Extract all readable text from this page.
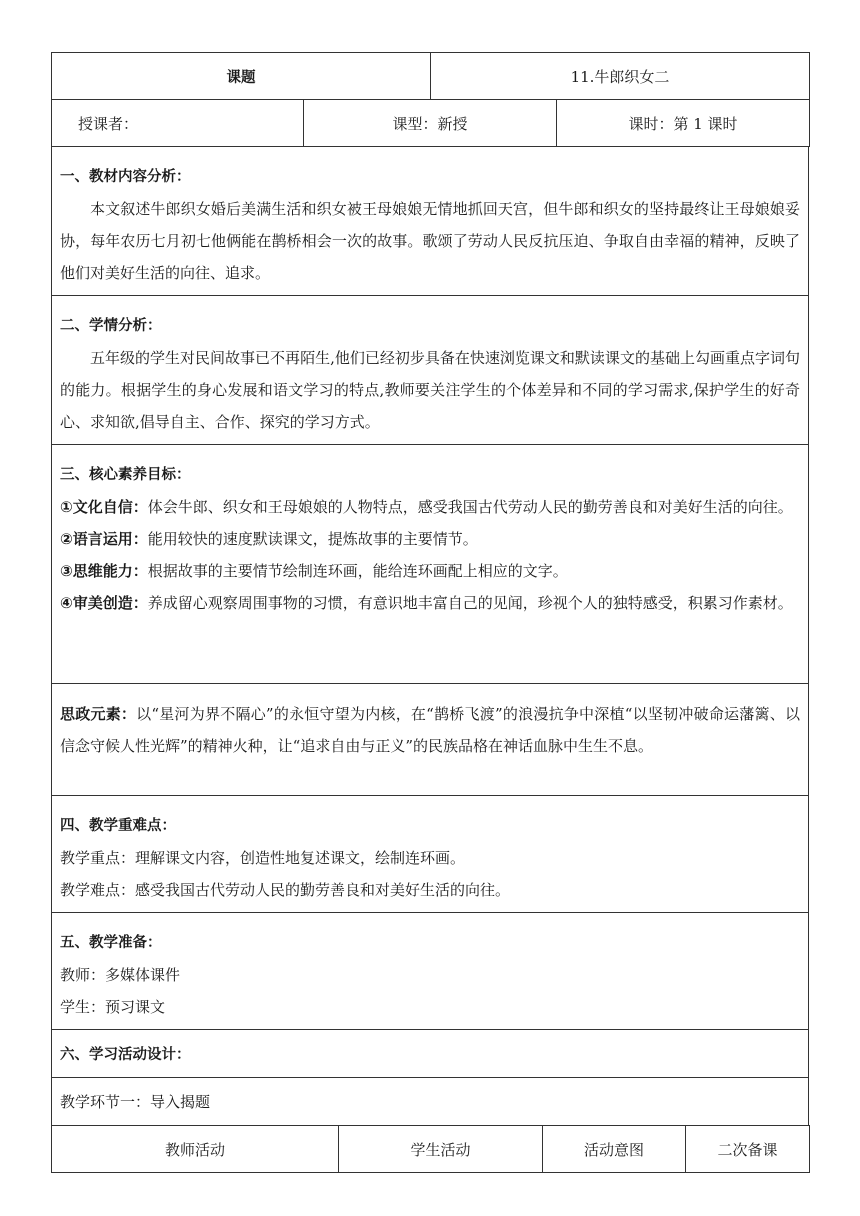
课题	11.牛郎织女二
授课者：	课型：新授	课时：第 1 课时

一、教材内容分析：

本文叙述牛郎织女婚后美满生活和织女被王母娘娘无情地抓回天宫，但牛郎和织女的坚持最终让王母娘娘妥协，每年农历七月初七他俩能在鹊桥相会一次的故事。歌颂了劳动人民反抗压迫、争取自由幸福的精神，反映了他们对美好生活的向往、追求。

二、学情分析：

五年级的学生对民间故事已不再陌生,他们已经初步具备在快速浏览课文和默读课文的基础上勾画重点字词句的能力。根据学生的身心发展和语文学习的特点,教师要关注学生的个体差异和不同的学习需求,保护学生的好奇心、求知欲,倡导自主、合作、探究的学习方式。

三、核心素养目标：

①文化自信：体会牛郎、织女和王母娘娘的人物特点，感受我国古代劳动人民的勤劳善良和对美好生活的向往。

②语言运用：能用较快的速度默读课文，提炼故事的主要情节。

③思维能力：根据故事的主要情节绘制连环画，能给连环画配上相应的文字。

④审美创造：养成留心观察周围事物的习惯，有意识地丰富自己的见闻，珍视个人的独特感受，积累习作素材。

思政元素：以“星河为界不隔心”的永恒守望为内核，在“鹊桥飞渡”的浪漫抗争中深植“以坚韧冲破命运藩篱、以信念守候人性光辉”的精神火种，让“追求自由与正义”的民族品格在神话血脉中生生不息。

四、教学重难点：

教学重点：理解课文内容，创造性地复述课文，绘制连环画。

教学难点：感受我国古代劳动人民的勤劳善良和对美好生活的向往。

五、教学准备：

教师：多媒体课件

学生：预习课文

六、学习活动设计：
教学环节一：导入揭题
教师活动	学生活动	活动意图	二次备课
